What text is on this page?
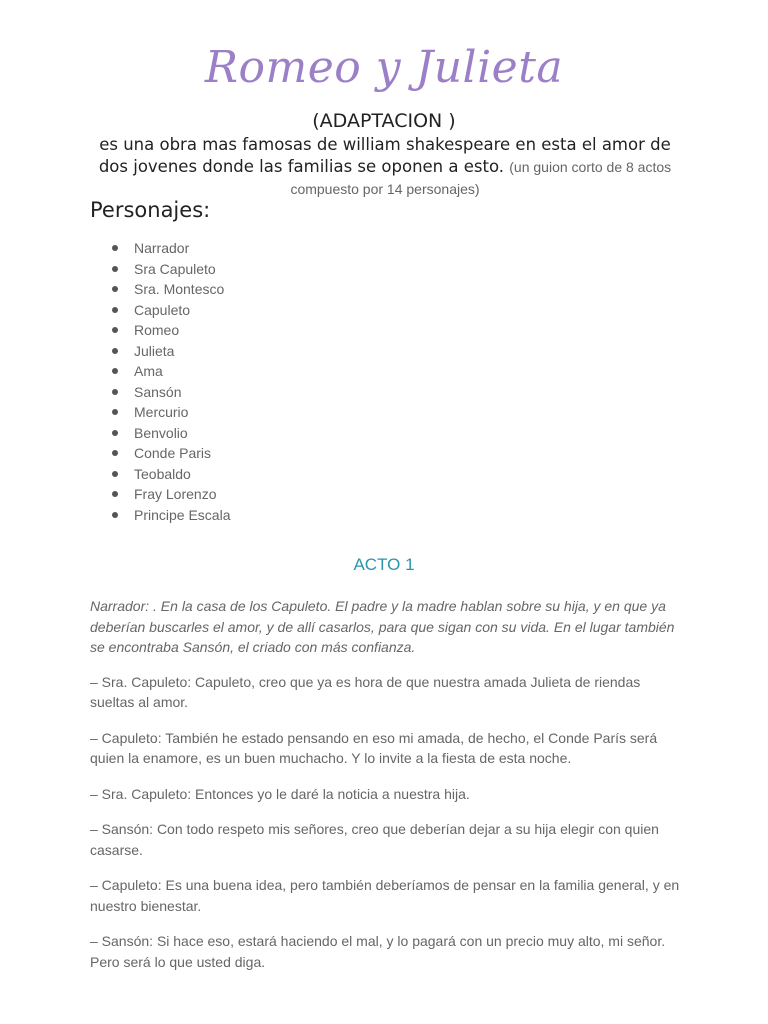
Romeo y Julieta
(ADAPTACION )
es una obra mas famosas de william shakespeare en esta el amor de dos jovenes donde las familias se oponen a esto. (un guion corto de 8 actos compuesto por 14 personajes)
Personajes:
Narrador
Sra Capuleto
Sra. Montesco
Capuleto
Romeo
Julieta
Ama
Sansón
Mercurio
Benvolio
Conde Paris
Teobaldo
Fray Lorenzo
Principe Escala
ACTO 1

Narrador: . En la casa de los Capuleto. El padre y la madre hablan sobre su hija, y en que ya deberían buscarles el amor, y de allí casarlos, para que sigan con su vida. En el lugar también se encontraba Sansón, el criado con más confianza.

– Sra. Capuleto: Capuleto, creo que ya es hora de que nuestra amada Julieta de riendas sueltas al amor.

– Capuleto: También he estado pensando en eso mi amada, de hecho, el Conde París será quien la enamore, es un buen muchacho. Y lo invite a la fiesta de esta noche.

– Sra. Capuleto: Entonces yo le daré la noticia a nuestra hija.

– Sansón: Con todo respeto mis señores, creo que deberían dejar a su hija elegir con quien casarse.

– Capuleto: Es una buena idea, pero también deberíamos de pensar en la familia general, y en nuestro bienestar.

– Sansón: Si hace eso, estará haciendo el mal, y lo pagará con un precio muy alto, mi señor. Pero será lo que usted diga.
